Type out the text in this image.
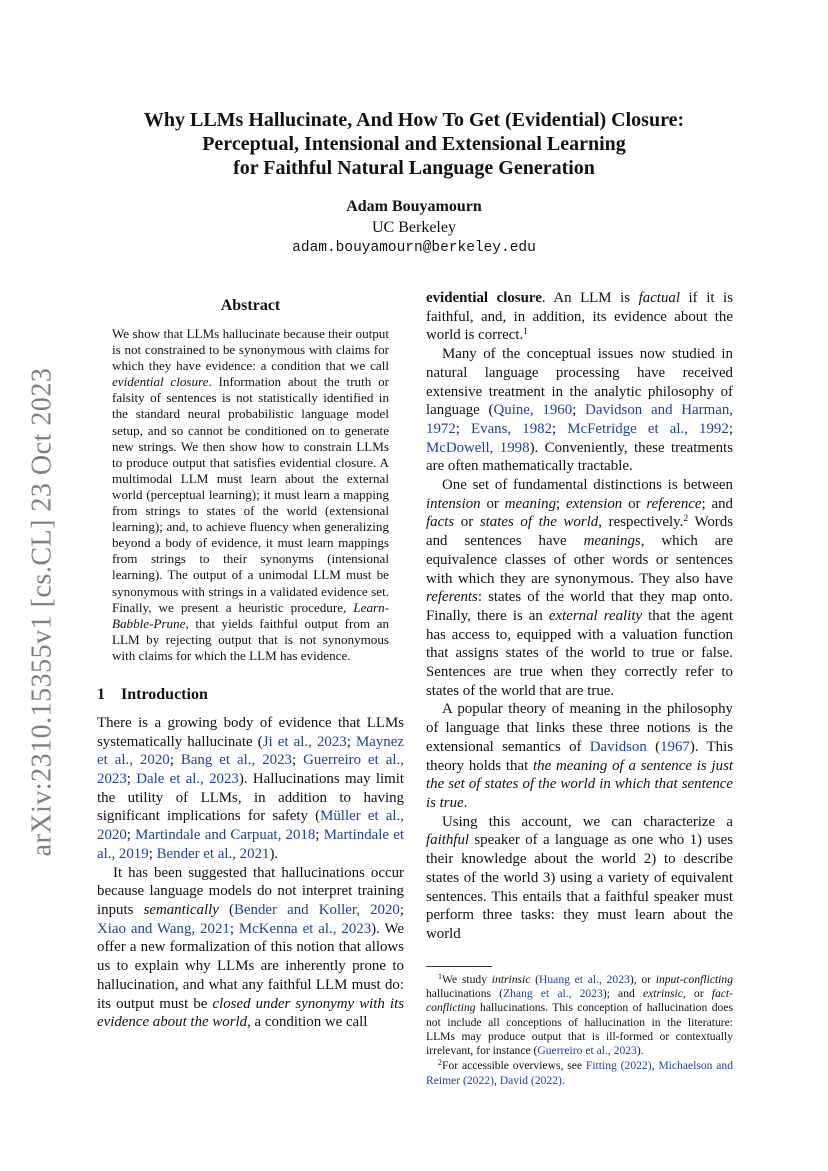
arXiv:2310.15355v1 [cs.CL] 23 Oct 2023
Why LLMs Hallucinate, And How To Get (Evidential) Closure:
Perceptual, Intensional and Extensional Learning
for Faithful Natural Language Generation
Adam Bouyamourn
UC Berkeley
adam.bouyamourn@berkeley.edu
Abstract
We show that LLMs hallucinate because their output is not constrained to be synonymous with claims for which they have evidence: a condition that we call evidential closure. Information about the truth or falsity of sentences is not statistically identified in the standard neural probabilistic language model setup, and so cannot be conditioned on to generate new strings. We then show how to constrain LLMs to produce output that satisfies evidential closure. A multimodal LLM must learn about the external world (perceptual learning); it must learn a mapping from strings to states of the world (extensional learning); and, to achieve fluency when generalizing beyond a body of evidence, it must learn mappings from strings to their synonyms (intensional learning). The output of a unimodal LLM must be synonymous with strings in a validated evidence set. Finally, we present a heuristic procedure, Learn-Babble-Prune, that yields faithful output from an LLM by rejecting output that is not synonymous with claims for which the LLM has evidence.
1 Introduction

There is a growing body of evidence that LLMs systematically hallucinate (Ji et al., 2023; Maynez et al., 2020; Bang et al., 2023; Guerreiro et al., 2023; Dale et al., 2023). Hallucinations may limit the utility of LLMs, in addition to having significant implications for safety (Müller et al., 2020; Martindale and Carpuat, 2018; Martindale et al., 2019; Bender et al., 2021).

It has been suggested that hallucinations occur because language models do not interpret training inputs semantically (Bender and Koller, 2020; Xiao and Wang, 2021; McKenna et al., 2023). We offer a new formalization of this notion that allows us to explain why LLMs are inherently prone to hallucination, and what any faithful LLM must do: its output must be closed under synonymy with its evidence about the world, a condition we call

evidential closure. An LLM is factual if it is faithful, and, in addition, its evidence about the world is correct.$^1$

Many of the conceptual issues now studied in natural language processing have received extensive treatment in the analytic philosophy of language (Quine, 1960; Davidson and Harman, 1972; Evans, 1982; McFetridge et al., 1992; McDowell, 1998). Conveniently, these treatments are often mathematically tractable.

One set of fundamental distinctions is between intension or meaning; extension or reference; and facts or states of the world, respectively.$^2$ Words and sentences have meanings, which are equivalence classes of other words or sentences with which they are synonymous. They also have referents: states of the world that they map onto. Finally, there is an external reality that the agent has access to, equipped with a valuation function that assigns states of the world to true or false. Sentences are true when they correctly refer to states of the world that are true.

A popular theory of meaning in the philosophy of language that links these three notions is the extensional semantics of Davidson (1967). This theory holds that the meaning of a sentence is just the set of states of the world in which that sentence is true.

Using this account, we can characterize a faithful speaker of a language as one who 1) uses their knowledge about the world 2) to describe states of the world 3) using a variety of equivalent sentences. This entails that a faithful speaker must perform three tasks: they must learn about the world

$^1$We study intrinsic (Huang et al., 2023), or input-conflicting hallucinations (Zhang et al., 2023); and extrinsic, or fact-conflicting hallucinations. This conception of hallucination does not include all conceptions of hallucination in the literature: LLMs may produce output that is ill-formed or contextually irrelevant, for instance (Guerreiro et al., 2023).

$^2$For accessible overviews, see Fitting (2022), Michaelson and Reimer (2022), David (2022).
